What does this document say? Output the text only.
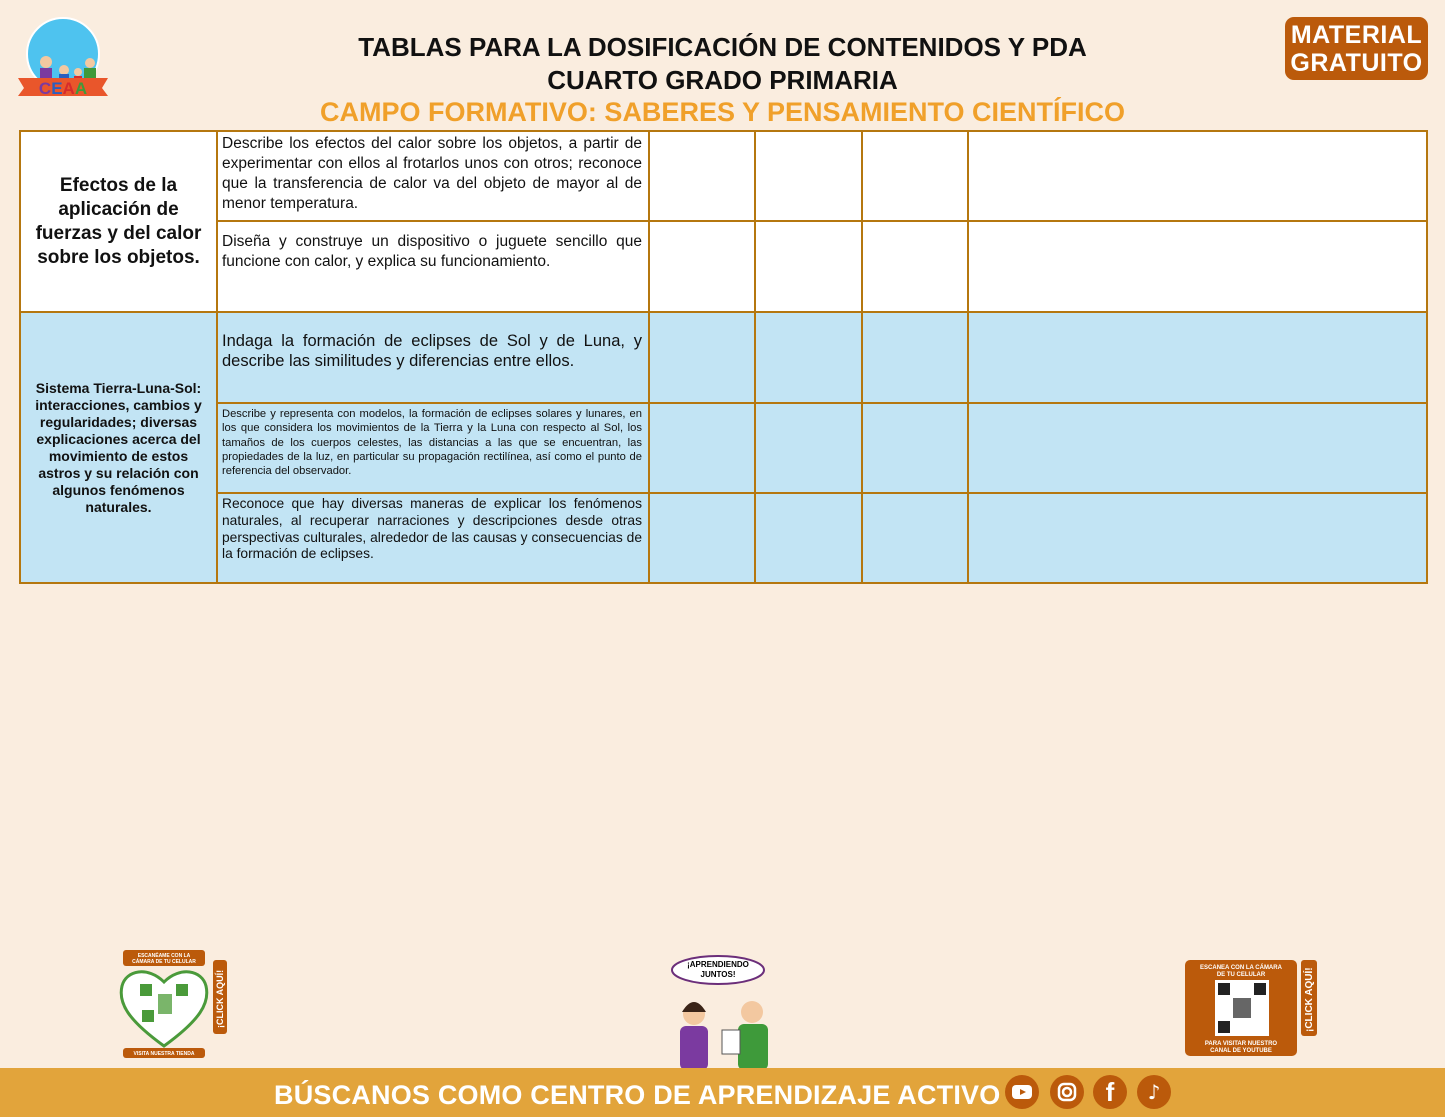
CEAA
TABLAS PARA LA DOSIFICACIÓN DE CONTENIDOS Y PDA
CUARTO GRADO PRIMARIA
CAMPO FORMATIVO: SABERES Y PENSAMIENTO CIENTÍFICO
MATERIAL
GRATUITO
Efectos de la aplicación de fuerzas y del calor sobre los objetos.	Describe los efectos del calor sobre los objetos, a partir de experimentar con ellos al frotarlos unos con otros; reconoce que la transferencia de calor va del objeto de mayor al de menor temperatura.				
	Diseña y construye un dispositivo o juguete sencillo que funcione con calor, y explica su funcionamiento.				
Sistema Tierra-Luna-Sol: interacciones, cambios y regularidades; diversas explicaciones acerca del movimiento de estos astros y su relación con algunos fenómenos naturales.	Indaga la formación de eclipses de Sol y de Luna, y describe las similitudes y diferencias entre ellos.				
	Describe y representa con modelos, la formación de eclipses solares y lunares, en los que considera los movimientos de la Tierra y la Luna con respecto al Sol, los tamaños de los cuerpos celestes, las distancias a las que se encuentran, las propiedades de la luz, en particular su propagación rectilínea, así como el punto de referencia del observador.				
	Reconoce que hay diversas maneras de explicar los fenómenos naturales, al recuperar narraciones y descripciones desde otras perspectivas culturales, alrededor de las causas y consecuencias de la formación de eclipses.				
ESCANÉAME CON LA
CÁMARA DE TU CELULAR
¡CLICK AQUÍ!
VISITA NUESTRA TIENDA
¡APRENDIENDO
JUNTOS!
ESCANEA CON LA CÁMARA
DE TU CELULAR
PARA VISITAR NUESTRO
CANAL DE YOUTUBE
¡CLICK AQUÍ!
BÚSCANOS COMO CENTRO DE APRENDIZAJE ACTIVO	f ♪
